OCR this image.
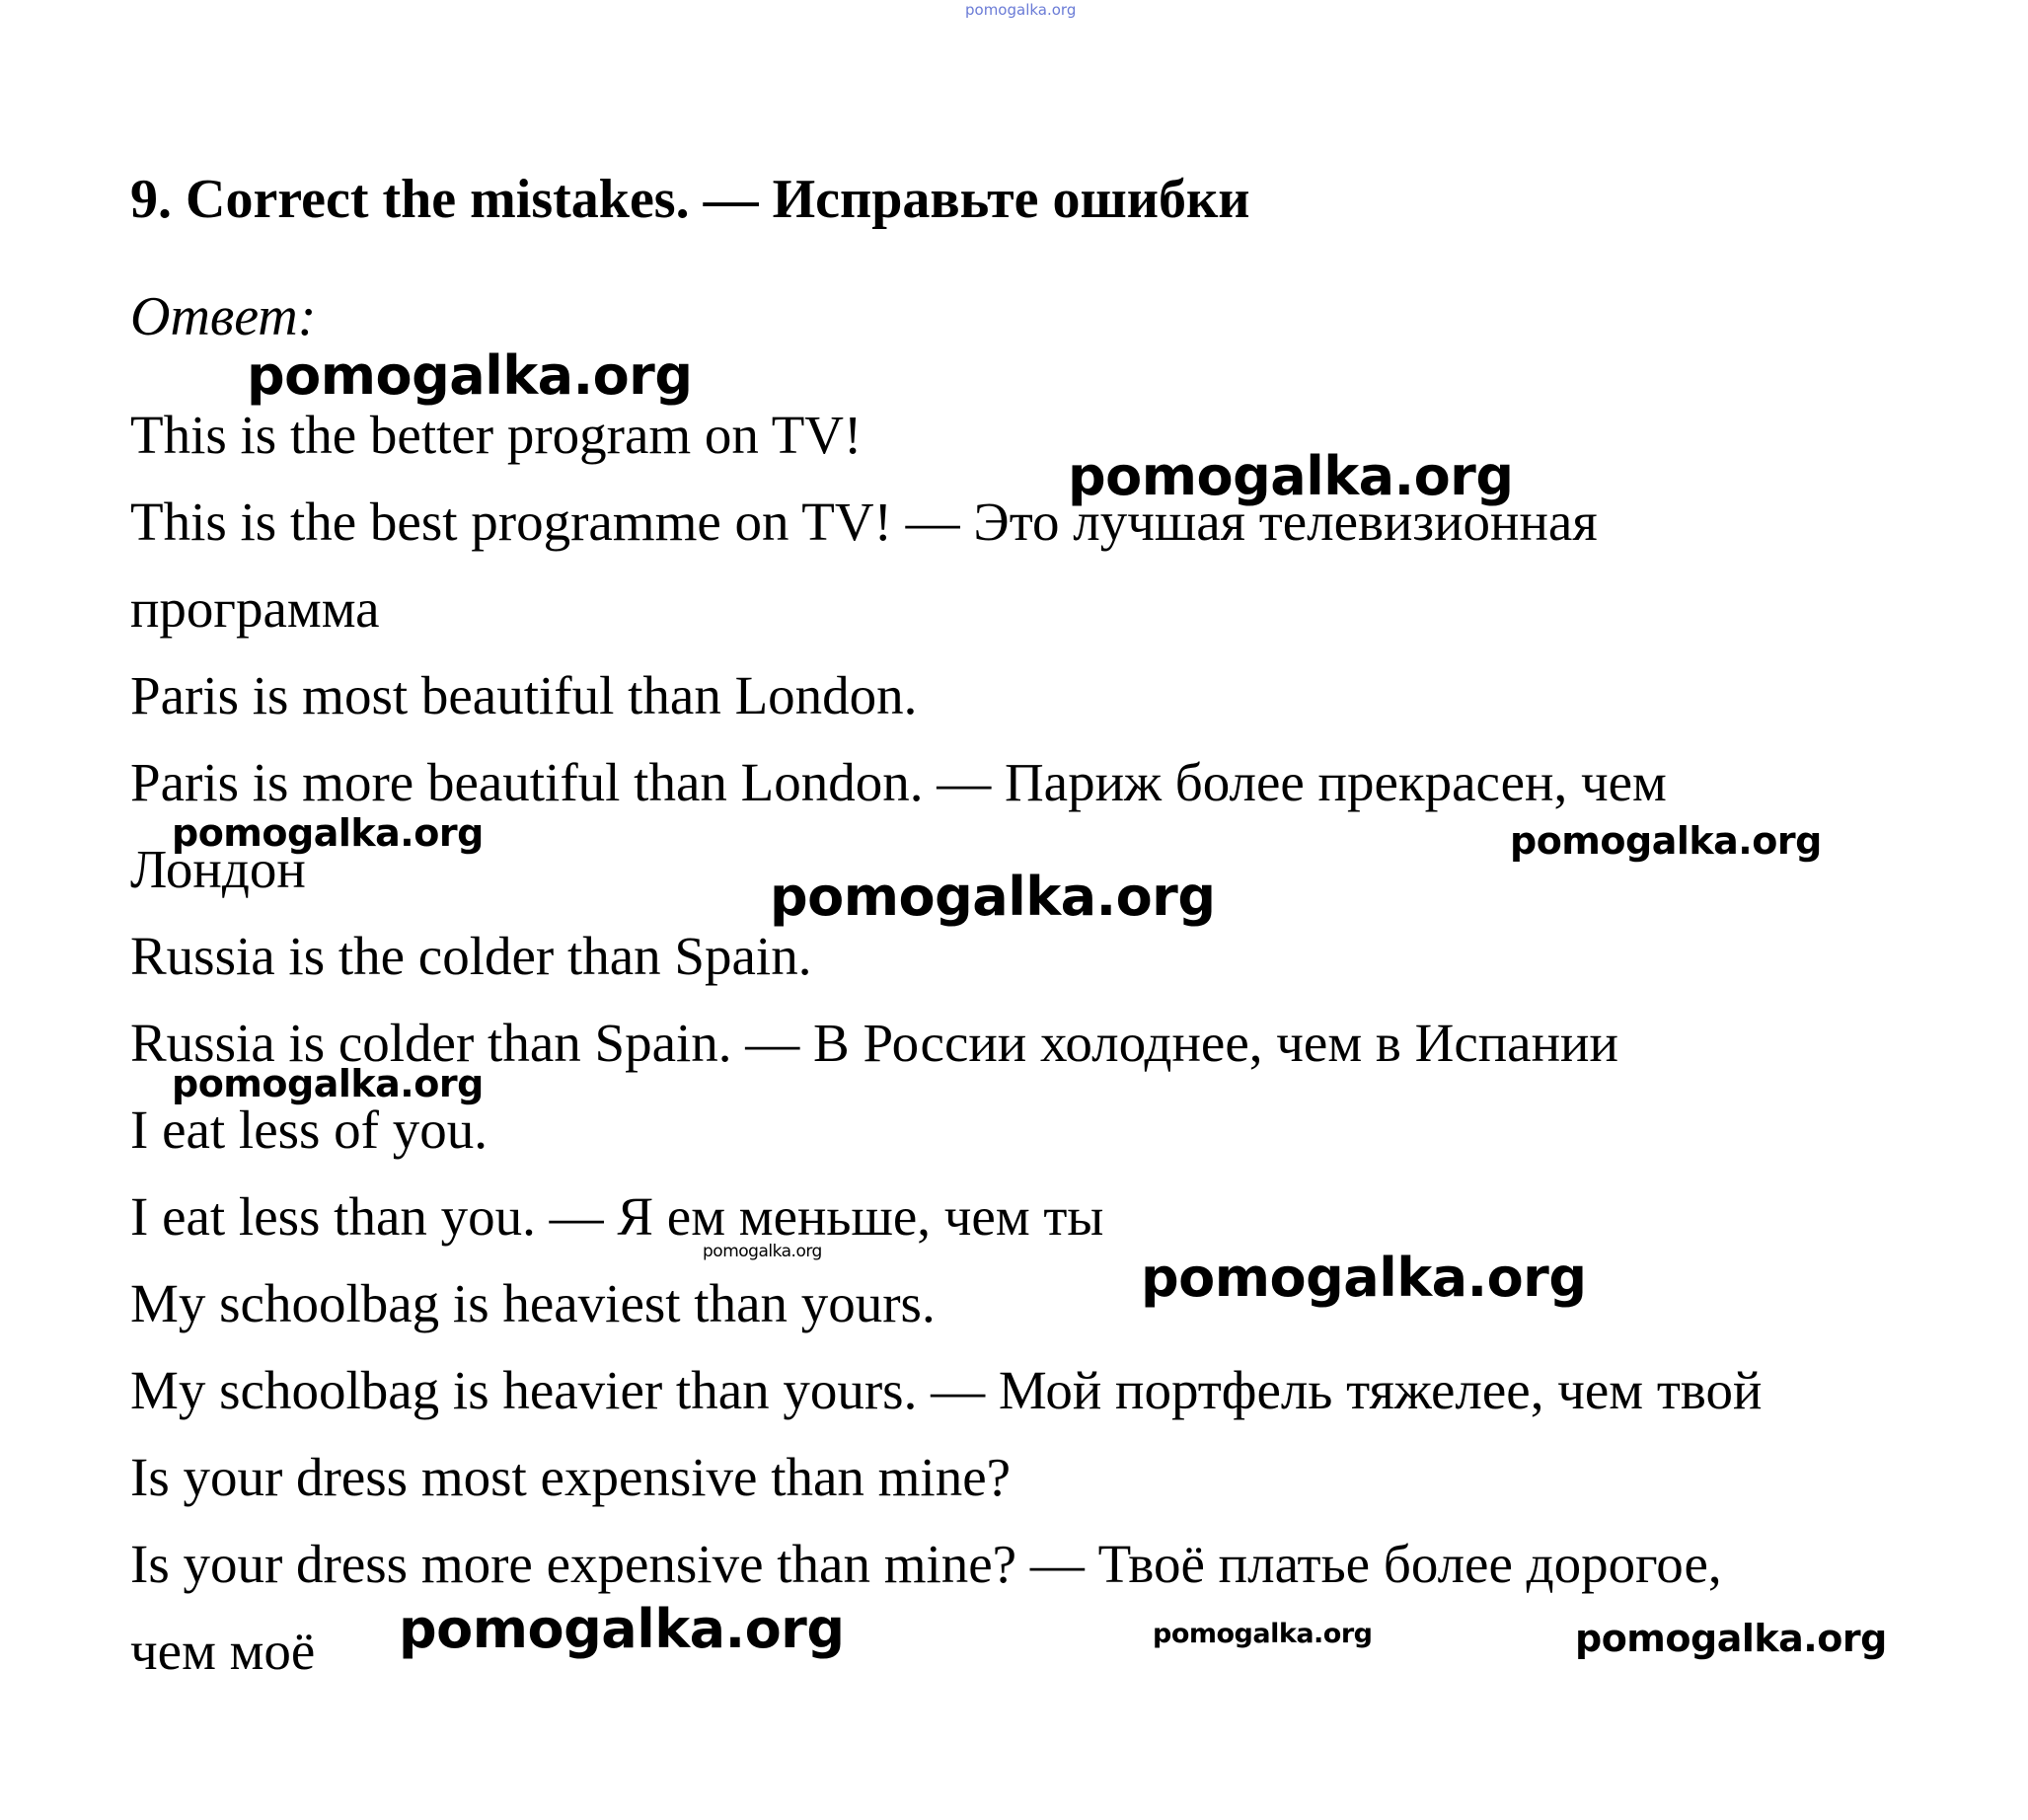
pomogalka.org
9. Correct the mistakes. — Исправьте ошибки
Ответ:
This is the better program on TV!
This is the best programme on TV! — Это лучшая телевизионная
программа
Paris is most beautiful than London.
Paris is more beautiful than London. — Париж более прекрасен, чем
Лондон
Russia is the colder than Spain.
Russia is colder than Spain. — В России холоднее, чем в Испании
I eat less of you.
I eat less than you. — Я ем меньше, чем ты
My schoolbag is heaviest than yours.
My schoolbag is heavier than yours. — Мой портфель тяжелее, чем твой
Is your dress most expensive than mine?
Is your dress more expensive than mine? — Твоё платье более дорогое,
чем моё
pomogalka.org
pomogalka.org
pomogalka.org	pomogalka.org
pomogalka.org
pomogalka.org
pomogalka.org	pomogalka.org
pomogalka.org	pomogalka.org	pomogalka.org
